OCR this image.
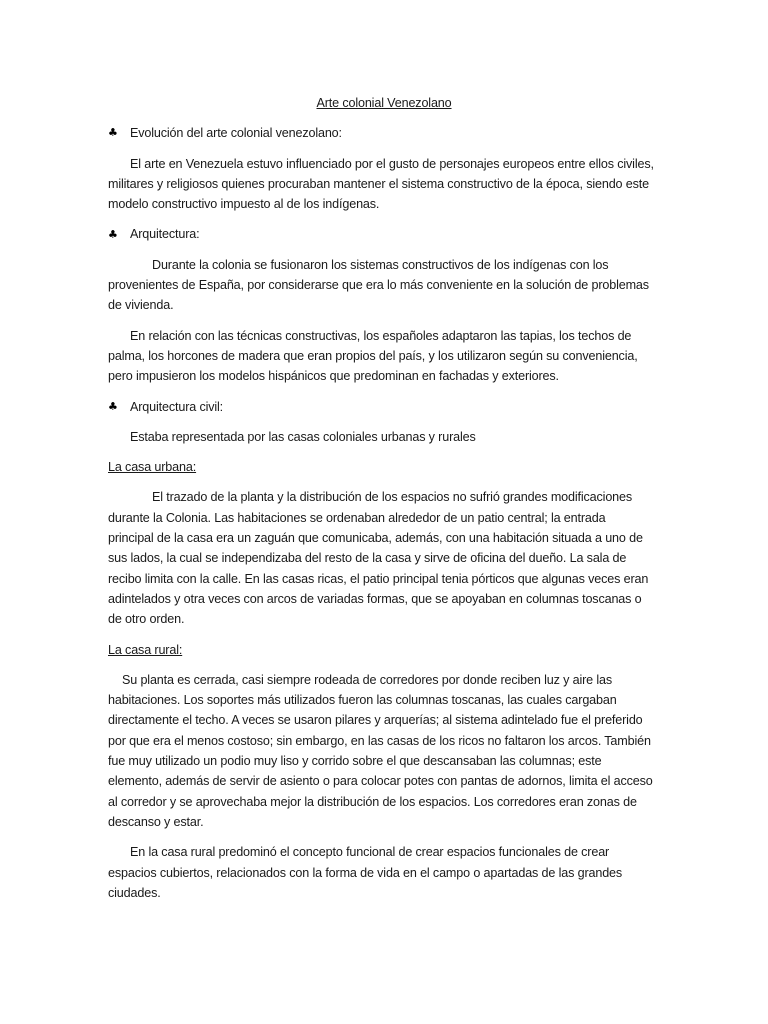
Arte colonial Venezolano
♣ Evolución del arte colonial venezolano:

El arte en Venezuela estuvo influenciado por el gusto de personajes europeos entre ellos civiles, militares y religiosos quienes procuraban mantener el sistema constructivo de la época, siendo este modelo constructivo impuesto al de los indígenas.

♣ Arquitectura:

Durante la colonia se fusionaron los sistemas constructivos de los indígenas con los provenientes de España, por considerarse que era lo más conveniente en la solución de problemas de vivienda.

En relación con las técnicas constructivas, los españoles adaptaron las tapias, los techos de palma, los horcones de madera que eran propios del país, y los utilizaron según su conveniencia, pero impusieron los modelos hispánicos que predominan en fachadas y exteriores.

♣ Arquitectura civil:

Estaba representada por las casas coloniales urbanas y rurales

La casa urbana:

El trazado de la planta y la distribución de los espacios no sufrió grandes modificaciones durante la Colonia. Las habitaciones se ordenaban alrededor de un patio central; la entrada principal de la casa era un zaguán que comunicaba, además, con una habitación situada a uno de sus lados, la cual se independizaba del resto de la casa y sirve de oficina del dueño. La sala de recibo limita con la calle. En las casas ricas, el patio principal tenia pórticos que algunas veces eran adintelados y otra veces con arcos de variadas formas, que se apoyaban en columnas toscanas o de otro orden.

La casa rural:

Su planta es cerrada, casi siempre rodeada de corredores por donde reciben luz y aire las habitaciones. Los soportes más utilizados fueron las columnas toscanas, las cuales cargaban directamente el techo. A veces se usaron pilares y arquerías; al sistema adintelado fue el preferido por que era el menos costoso; sin embargo, en las casas de los ricos no faltaron los arcos. También fue muy utilizado un podio muy liso y corrido sobre el que descansaban las columnas; este elemento, además de servir de asiento o para colocar potes con pantas de adornos, limita el acceso al corredor y se aprovechaba mejor la distribución de los espacios. Los corredores eran zonas de descanso y estar.

En la casa rural predominó el concepto funcional de crear espacios funcionales de crear espacios cubiertos, relacionados con la forma de vida en el campo o apartadas de las grandes ciudades.
